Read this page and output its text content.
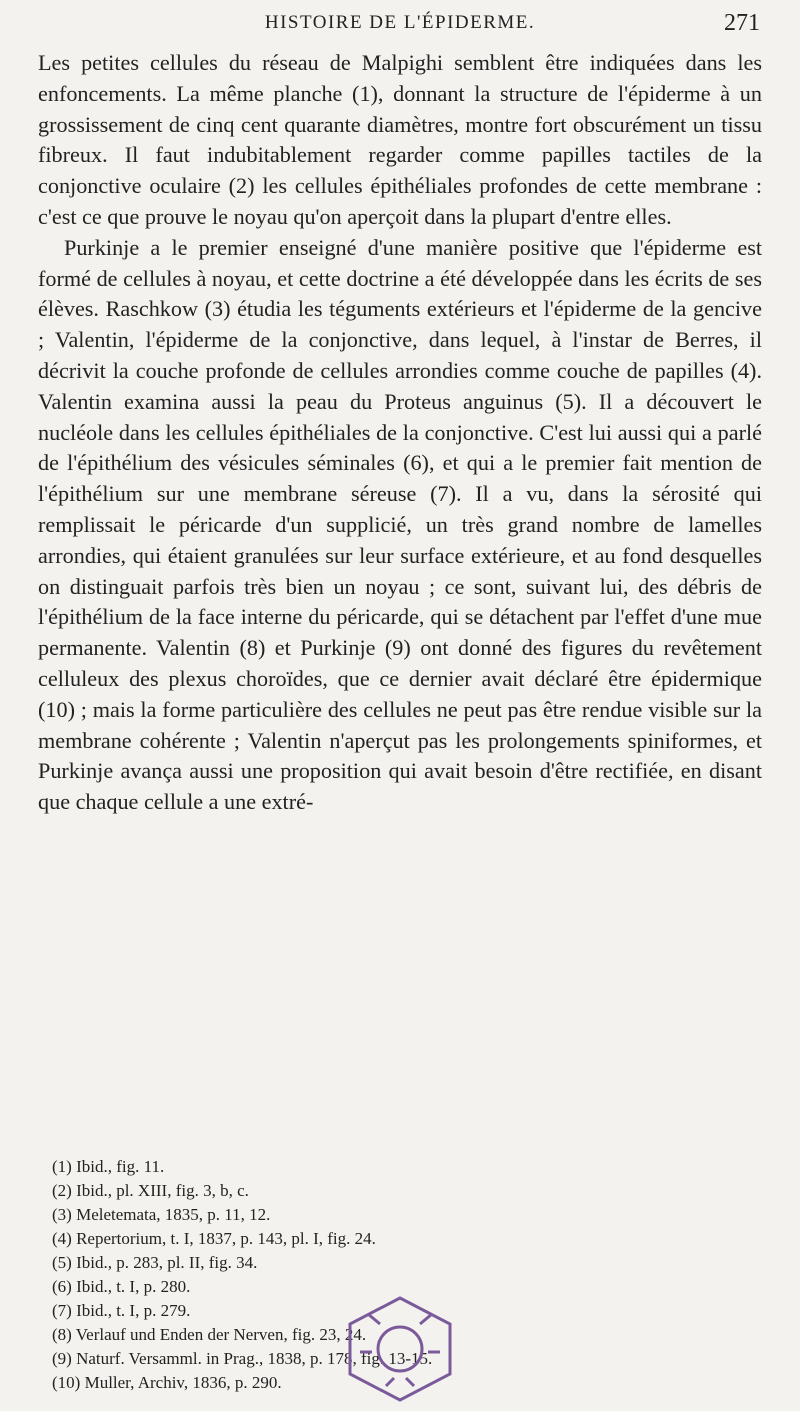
HISTOIRE DE L'ÉPIDERME.	271

Les petites cellules du réseau de Malpighi semblent être indiquées dans les enfoncements. La même planche (1), donnant la structure de l'épiderme à un grossissement de cinq cent quarante diamètres, montre fort obscurément un tissu fibreux. Il faut indubitablement regarder comme papilles tactiles de la conjonctive oculaire (2) les cellules épithéliales profondes de cette membrane : c'est ce que prouve le noyau qu'on aperçoit dans la plupart d'entre elles.

Purkinje a le premier enseigné d'une manière positive que l'épiderme est formé de cellules à noyau, et cette doctrine a été développée dans les écrits de ses élèves. Raschkow (3) étudia les téguments extérieurs et l'épiderme de la gencive ; Valentin, l'épiderme de la conjonctive, dans lequel, à l'instar de Berres, il décrivit la couche profonde de cellules arrondies comme couche de papilles (4). Valentin examina aussi la peau du Proteus anguinus (5). Il a découvert le nucléole dans les cellules épithéliales de la conjonctive. C'est lui aussi qui a parlé de l'épithélium des vésicules séminales (6), et qui a le premier fait mention de l'épithélium sur une membrane séreuse (7). Il a vu, dans la sérosité qui remplissait le péricarde d'un supplicié, un très grand nombre de lamelles arrondies, qui étaient granulées sur leur surface extérieure, et au fond desquelles on distinguait parfois très bien un noyau ; ce sont, suivant lui, des débris de l'épithélium de la face interne du péricarde, qui se détachent par l'effet d'une mue permanente. Valentin (8) et Purkinje (9) ont donné des figures du revêtement celluleux des plexus choroïdes, que ce dernier avait déclaré être épidermique (10) ; mais la forme particulière des cellules ne peut pas être rendue visible sur la membrane cohérente ; Valentin n'aperçut pas les prolongements spiniformes, et Purkinje avança aussi une proposition qui avait besoin d'être rectifiée, en disant que chaque cellule a une extré-

(1) Ibid., fig. 11.
(2) Ibid., pl. XIII, fig. 3, b, c.
(3) Meletemata, 1835, p. 11, 12.
(4) Repertorium, t. I, 1837, p. 143, pl. I, fig. 24.
(5) Ibid., p. 283, pl. II, fig. 34.
(6) Ibid., t. I, p. 280.
(7) Ibid., t. I, p. 279.
(8) Verlauf und Enden der Nerven, fig. 23, 24.
(9) Naturf. Versamml. in Prag., 1838, p. 178, fig. 13-15.
(10) Muller, Archiv, 1836, p. 290.
